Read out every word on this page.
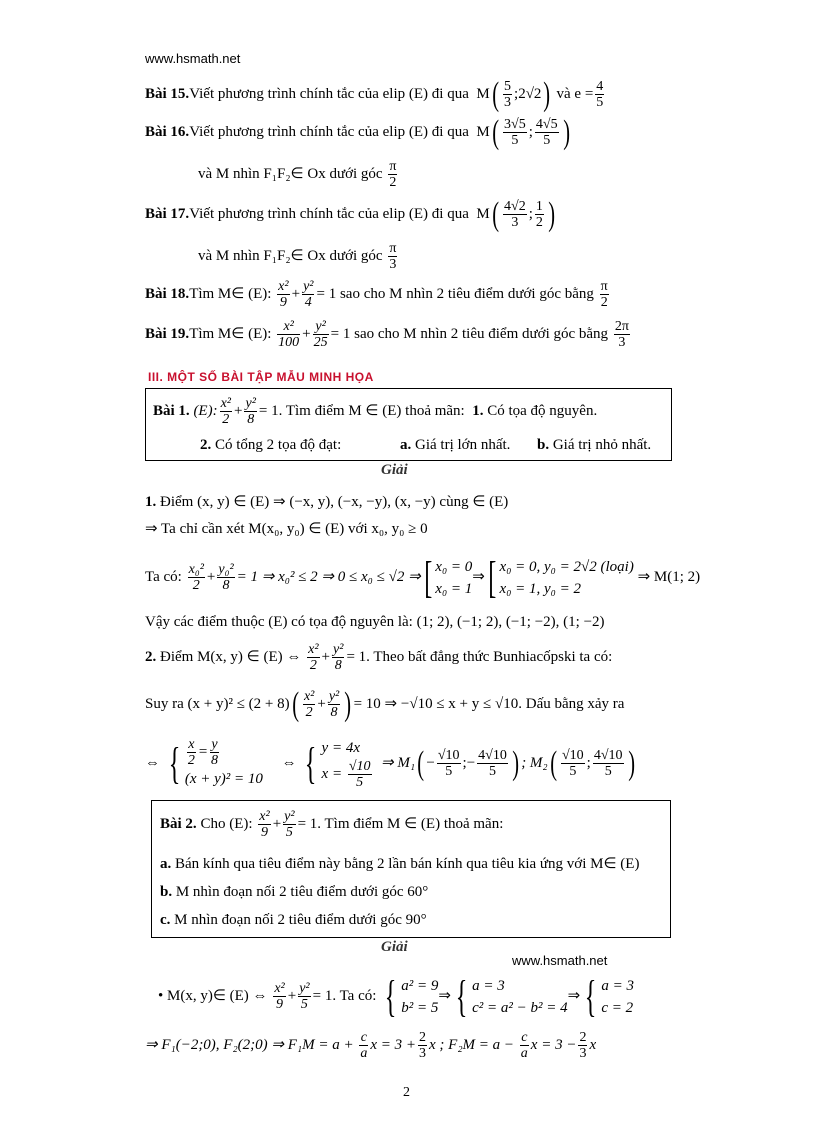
www.hsmath.net
Bài 15.Viết phương trình chính tắc của elip (E) đi qua $M( \frac{5}{3}$ ;2√2) và $e = \frac{4}{5}$
Bài 16.Viết phương trình chính tắc của elip (E) đi qua $M( \frac{3√5}{5}$ ; $\frac{4√5}{5}$ )
và M nhìn F₁F₂∈ Ox dưới góc $\frac{\pi}{2}$
Bài 17.Viết phương trình chính tắc của elip (E) đi qua $M( \frac{4√2}{3}$ ; $\frac{1}{2}$ )
và M nhìn F₁F₂∈ Ox dưới góc $\frac{\pi}{3}$
Bài 18.Tìm M∈ (E): $\frac{\text{x²}}{9} + \frac{\text{y²}}{4} = 1$ sao cho M nhìn 2 tiêu điểm dưới góc bằng $\frac{\pi}{2}$
Bài 19.Tìm M∈ (E): $\frac{\text{x²}}{100} + \frac{\text{y²}}{25} = 1$ sao cho M nhìn 2 tiêu điểm dưới góc bằng $\frac{2\pi}{3}$
III. MỘT SỐ BÀI TẬP MẪU MINH HỌA
Bài 1. (E): $\frac{\text{x²}}{2} + \frac{\text{y²}}{8} = 1$. Tìm điểm M ∈ (E) thoả mãn: 1. Có tọa độ nguyên.
2. Có tổng 2 tọa độ đạt:	a. Giá trị lớn nhất. b. Giá trị nhỏ nhất.
Giải
1. Điểm (x, y) ∈ (E) ⇒ (−x, y), (−x, −y), (x, −y) cùng ∈ (E)
⇒ Ta chỉ cần xét M(x₀, y₀) ∈ (E) với x₀, y₀ ≥ 0
Ta có: $\frac{\text{x₀²}}{2} + \frac{\text{y₀²}}{8} = 1$ ⇒ x₀² ≤ 2 ⇒ 0 ≤ x₀ ≤ √2 ⇒[ x₀ = 0
x₀ = 1
⇒[ x₀ = 0, y₀ = 2√2 (loại)
x₀ = 1, y₀ = 2
⇒ M(1; 2)
Vậy các điểm thuộc (E) có tọa độ nguyên là: (1; 2), (−1; 2), (−1; −2), (1; −2)
2. Điểm M(x, y) ∈ (E) ⇔ $\frac{\text{x²}}{2} + \frac{\text{y²}}{8} = 1$. Theo bất đẳng thức Bunhiacốpski ta có:
Suy ra $(x + y)^2 \le (2 + 8)( \frac{\text{x²}}{2} + \frac{\text{y²}}{8}$ ) = 10 ⇒ −√10 ≤ x + y ≤ √10. Dấu bằng xảy ra
⇔ { $\frac{x}{2} = \frac{y}{8}$
(x + y)² = 10
⇔ { y = 4x
$x = \frac{√10}{5}$ ⇒ $M_1( - \frac{√10}{5}$ ;− $\frac{4√10}{5}$ ) ; $M_2( \frac{√10}{5}$ ; $\frac{4√10}{5}$ )
Bài 2. Cho (E): $\frac{\text{x²}}{9} + \frac{\text{y²}}{5} = 1$. Tìm điểm M ∈ (E) thoả mãn:
a. Bán kính qua tiêu điểm này bằng 2 lần bán kính qua tiêu kia ứng với M∈ (E)
b. M nhìn đoạn nối 2 tiêu điểm dưới góc 60°
c. M nhìn đoạn nối 2 tiêu điểm dưới góc 90°
Giải
www.hsmath.net
• M(x, y)∈ (E) ⇔ $\frac{\text{x²}}{9} + \frac{\text{y²}}{5} = 1$. Ta có: { a² = 9
b² = 5
⇒ { a = 3
c² = a² − b² = 4
⇒ { a = 3
c = 2
⇒ F₁(−2;0), F₂(2;0) ⇒ $F_1M = a + \frac{c}{a}$ $x = 3 + \frac{2}{3}$ x ; $F_2M = a - \frac{c}{a}$ $x = 3 - \frac{2}{3}$ x
2
